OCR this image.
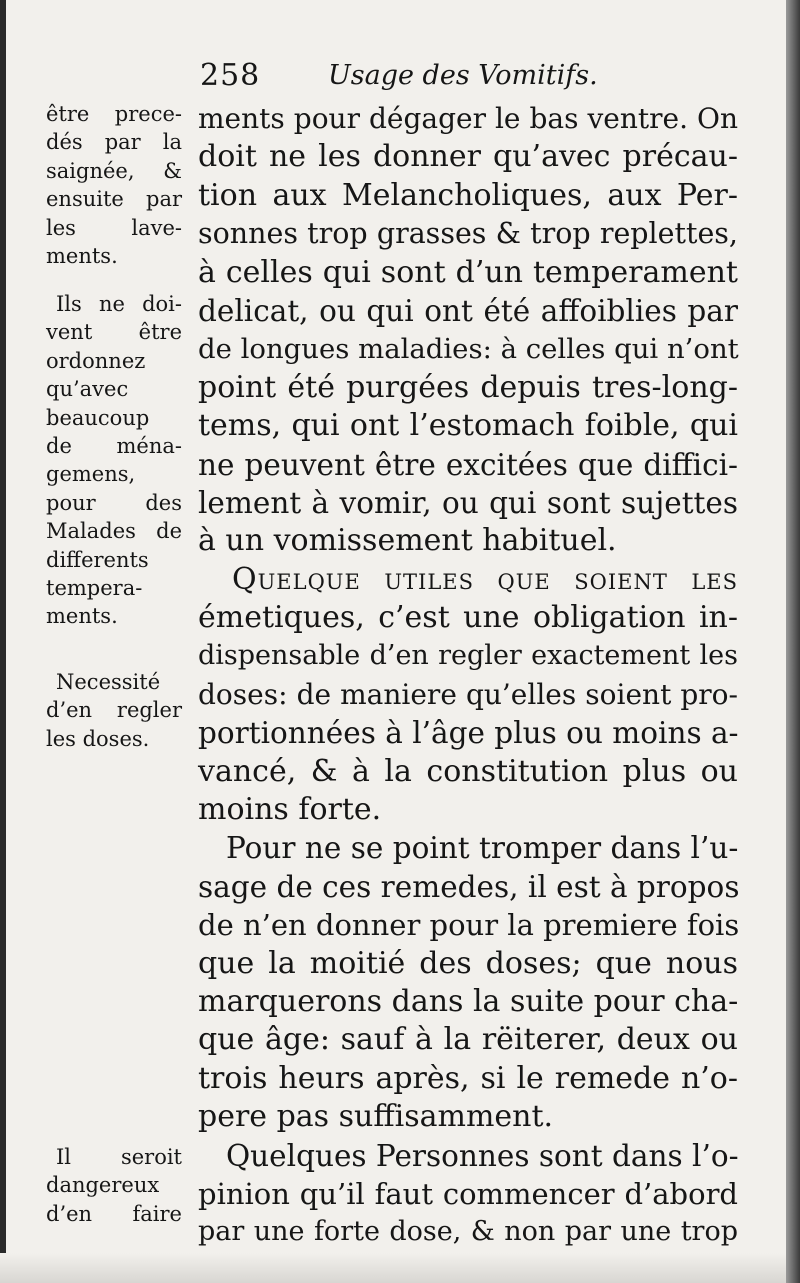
258	Usage des Vomitifs.
être prece-
dés par la
saignée, &
ensuite par
les lave-
ments.
Ils ne doi-
vent être
ordonnez
qu’avec
beaucoup
de ména-
gemens,
pour des
Malades de
differents
tempera-
ments.
Necessité
d’en regler
les doses.
Il seroit
dangereux
d’en faire
ments pour dégager le bas ventre. On
doit ne les donner qu’avec précau-
tion aux Melancholiques, aux Per-
sonnes trop grasses & trop replettes,
à celles qui sont d’un temperament
delicat, ou qui ont été affoiblies par
de longues maladies: à celles qui n’ont
point été purgées depuis tres-long-
tems, qui ont l’estomach foible, qui
ne peuvent être excitées que diffici-
lement à vomir, ou qui sont sujettes
à un vomissement habituel.
Quelque utiles que soient les
émetiques, c’est une obligation in-
dispensable d’en regler exactement les
doses: de maniere qu’elles soient pro-
portionnées à l’âge plus ou moins a-
vancé, & à la constitution plus ou
moins forte.
Pour ne se point tromper dans l’u-
sage de ces remedes, il est à propos
de n’en donner pour la premiere fois
que la moitié des doses; que nous
marquerons dans la suite pour cha-
que âge: sauf à la rëiterer, deux ou
trois heurs après, si le remede n’o-
pere pas suffisamment.
Quelques Personnes sont dans l’o-
pinion qu’il faut commencer d’abord
par une forte dose, & non par une trop
